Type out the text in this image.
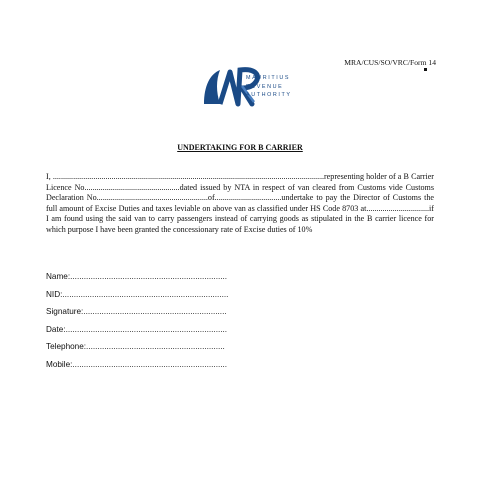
MRA/CUS/SO/VRC/Form 14
MAURITIUS
REVENUE
AUTHORITY
UNDERTAKING FOR B CARRIER
I, ......................................................................................................................................representing holder of a B Carrier Licence No...............................................dated issued by NTA in respect of van cleared from Customs vide Customs Declaration No.......................................................of.................................undertake to pay the Director of Customs the full amount of Excise Duties and taxes leviable on above van as classified under HS Code 8703 at...............................if I am found using the said van to carry passengers instead of carrying goods as stipulated in the B carrier licence for which purpose I have been granted the concessionary rate of Excise duties of 10%
Name:.....................................................................
NID:.........................................................................
Signature:...............................................................
Date:.......................................................................
Telephone:.............................................................
Mobile:....................................................................
